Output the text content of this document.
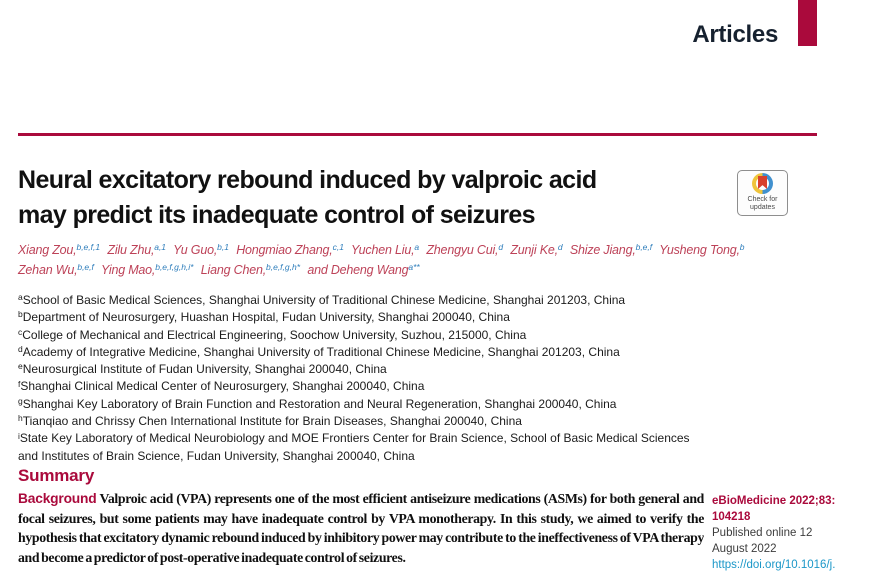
Articles
Neural excitatory rebound induced by valproic acid
may predict its inadequate control of seizures
Check for
updates
Xiang Zou,$^{b,e,f,1}$ Zilu Zhu,$^{a,1}$ Yu Guo,$^{b,1}$ Hongmiao Zhang,$^{c,1}$ Yuchen Liu,$^a$ Zhengyu Cui,$^d$ Zunji Ke,$^d$ Shize Jiang,$^{b,e,f}$ Yusheng Tong,$^b$
Zehan Wu,$^{b,e,f}$ Ying Mao,$^{b,e,f,g,h,i*}$ Liang Chen,$^{b,e,f,g,h*}$ and Deheng Wang$^{a**}$
$^a$School of Basic Medical Sciences, Shanghai University of Traditional Chinese Medicine, Shanghai 201203, China
$^b$Department of Neurosurgery, Huashan Hospital, Fudan University, Shanghai 200040, China
$^c$College of Mechanical and Electrical Engineering, Soochow University, Suzhou, 215000, China
$^d$Academy of Integrative Medicine, Shanghai University of Traditional Chinese Medicine, Shanghai 201203, China
$^e$Neurosurgical Institute of Fudan University, Shanghai 200040, China
$^f$Shanghai Clinical Medical Center of Neurosurgery, Shanghai 200040, China
$^g$Shanghai Key Laboratory of Brain Function and Restoration and Neural Regeneration, Shanghai 200040, China
$^h$Tianqiao and Chrissy Chen International Institute for Brain Diseases, Shanghai 200040, China
$^i$State Key Laboratory of Medical Neurobiology and MOE Frontiers Center for Brain Science, School of Basic Medical Sciences
and Institutes of Brain Science, Fudan University, Shanghai 200040, China
Summary

Background Valproic acid (VPA) represents one of the most efficient antiseizure medications (ASMs) for both general and focal seizures, but some patients may have inadequate control by VPA monotherapy. In this study, we aimed to verify the hypothesis that excitatory dynamic rebound induced by inhibitory power may contribute to the ineffectiveness of VPA therapy and become a predictor of post-operative inadequate control of seizures.

eBioMedicine 2022;83:
104218
Published online 12
August 2022
https://doi.org/10.1016/j.
